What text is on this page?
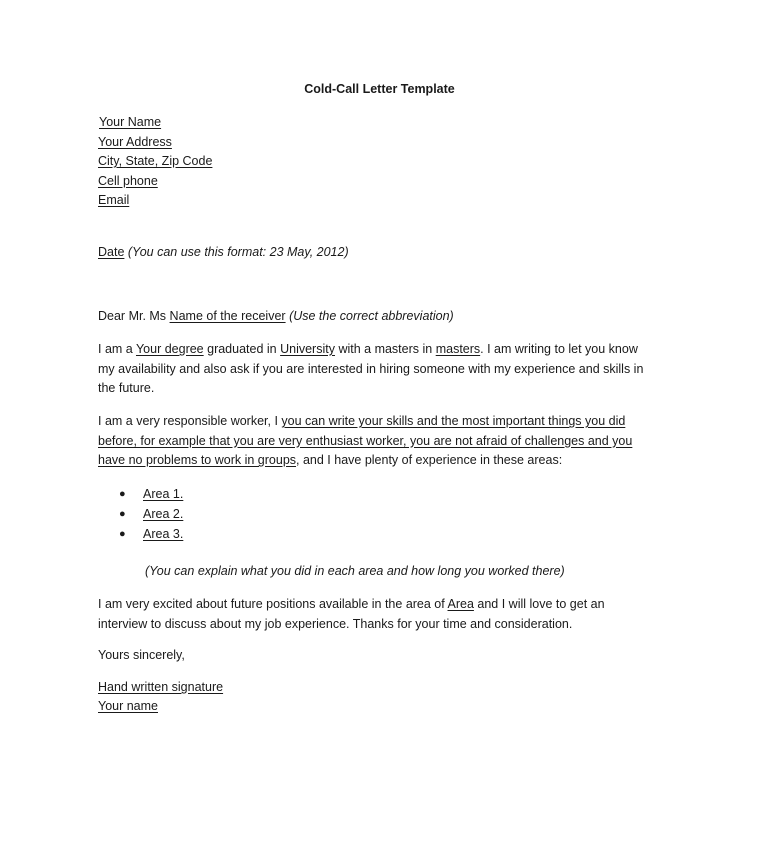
Cold-Call Letter Template
Your Name
Your Address
City, State, Zip Code
Cell phone
Email
Date (You can use this format: 23 May, 2012)
Dear Mr. Ms Name of the receiver (Use the correct abbreviation)
I am a Your degree graduated in University with a masters in masters. I am writing to let you know
my availability and also ask if you are interested in hiring someone with my experience and skills in
the future.
I am a very responsible worker, I you can write your skills and the most important things you did
before, for example that you are very enthusiast worker, you are not afraid of challenges and you
have no problems to work in groups, and I have plenty of experience in these areas:
● Area 1.
● Area 2.
● Area 3.
(You can explain what you did in each area and how long you worked there)
I am very excited about future positions available in the area of Area and I will love to get an
interview to discuss about my job experience. Thanks for your time and consideration.
Yours sincerely,
Hand written signature
Your name
